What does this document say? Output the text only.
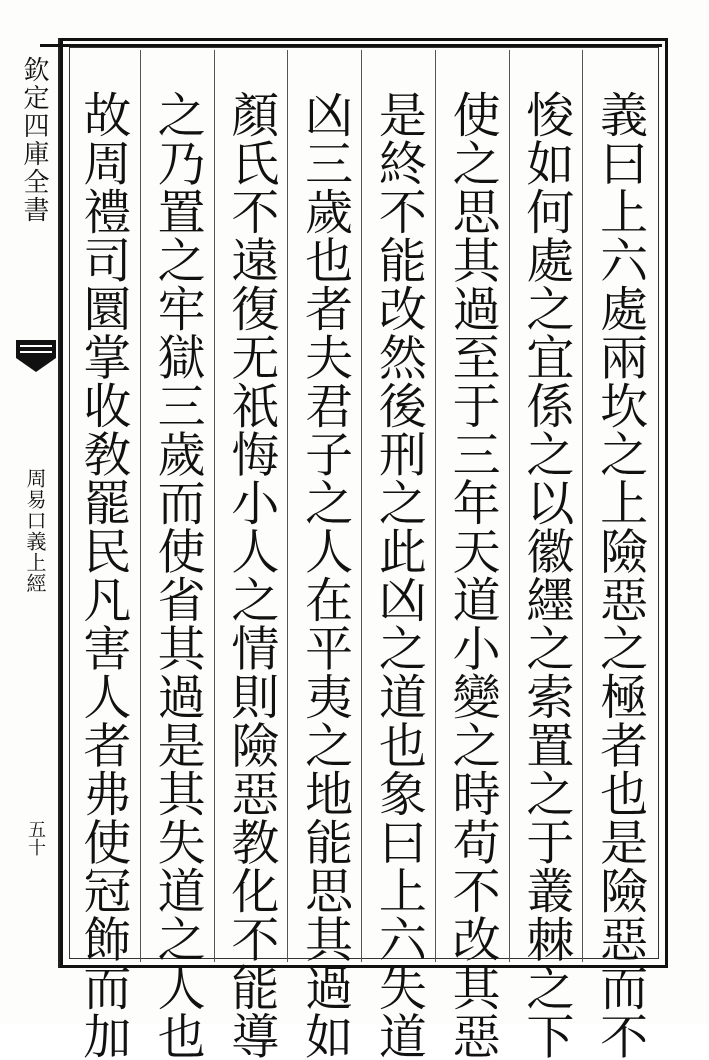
欽定四庫全書
周易口義上經
五十	義曰上六處兩坎之上險惡之極者也是險惡而不
悛如何處之宜係之以徽纆之索置之于叢棘之下
使之思其過至于三年天道小變之時苟不改其惡
是終不能改然後刑之此凶之道也象曰上六失道
凶三歲也者夫君子之人在平夷之地能思其過如
顏氏不遠復无祇悔小人之情則險惡教化不能導
之乃置之牢獄三歲而使省其過是其失道之人也
故周禮司圜掌收敎罷民凡害人者弗使冠飾而加
